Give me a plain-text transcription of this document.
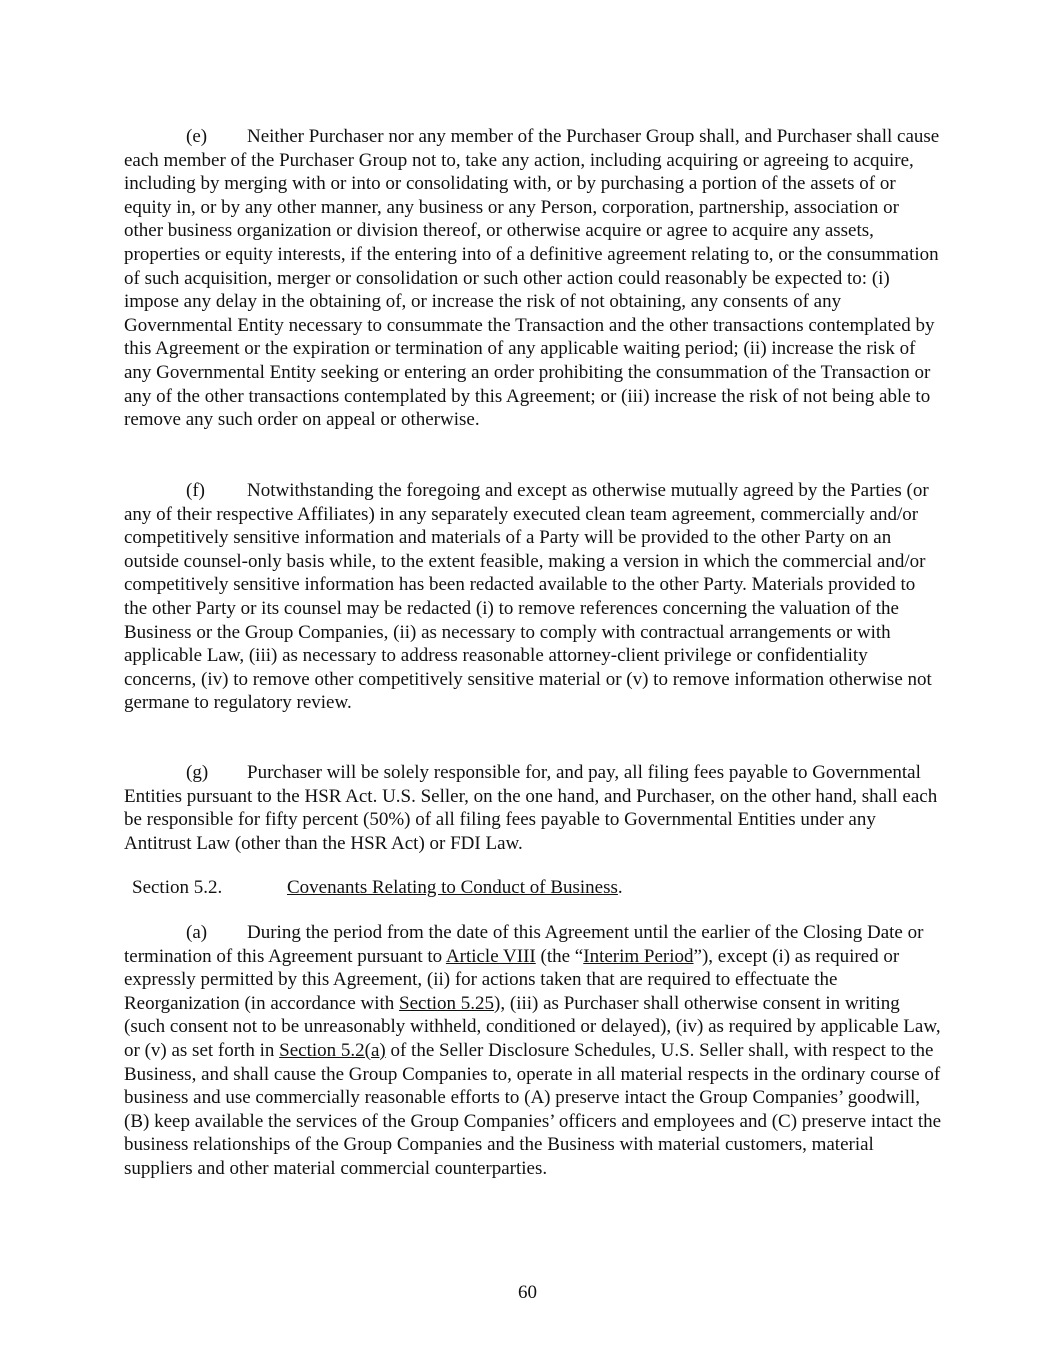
(e) Neither Purchaser nor any member of the Purchaser Group shall, and Purchaser shall cause each member of the Purchaser Group not to, take any action, including acquiring or agreeing to acquire, including by merging with or into or consolidating with, or by purchasing a portion of the assets of or equity in, or by any other manner, any business or any Person, corporation, partnership, association or other business organization or division thereof, or otherwise acquire or agree to acquire any assets, properties or equity interests, if the entering into of a definitive agreement relating to, or the consummation of such acquisition, merger or consolidation or such other action could reasonably be expected to: (i) impose any delay in the obtaining of, or increase the risk of not obtaining, any consents of any Governmental Entity necessary to consummate the Transaction and the other transactions contemplated by this Agreement or the expiration or termination of any applicable waiting period; (ii) increase the risk of any Governmental Entity seeking or entering an order prohibiting the consummation of the Transaction or any of the other transactions contemplated by this Agreement; or (iii) increase the risk of not being able to remove any such order on appeal or otherwise.

(f) Notwithstanding the foregoing and except as otherwise mutually agreed by the Parties (or any of their respective Affiliates) in any separately executed clean team agreement, commercially and/or competitively sensitive information and materials of a Party will be provided to the other Party on an outside counsel-only basis while, to the extent feasible, making a version in which the commercial and/or competitively sensitive information has been redacted available to the other Party. Materials provided to the other Party or its counsel may be redacted (i) to remove references concerning the valuation of the Business or the Group Companies, (ii) as necessary to comply with contractual arrangements or with applicable Law, (iii) as necessary to address reasonable attorney-client privilege or confidentiality concerns, (iv) to remove other competitively sensitive material or (v) to remove information otherwise not germane to regulatory review.

(g) Purchaser will be solely responsible for, and pay, all filing fees payable to Governmental Entities pursuant to the HSR Act. U.S. Seller, on the one hand, and Purchaser, on the other hand, shall each be responsible for fifty percent (50%) of all filing fees payable to Governmental Entities under any Antitrust Law (other than the HSR Act) or FDI Law.

Section 5.2.	Covenants Relating to Conduct of Business.

(a) During the period from the date of this Agreement until the earlier of the Closing Date or termination of this Agreement pursuant to Article VIII (the “Interim Period”), except (i) as required or expressly permitted by this Agreement, (ii) for actions taken that are required to effectuate the Reorganization (in accordance with Section 5.25), (iii) as Purchaser shall otherwise consent in writing (such consent not to be unreasonably withheld, conditioned or delayed), (iv) as required by applicable Law, or (v) as set forth in Section 5.2(a) of the Seller Disclosure Schedules, U.S. Seller shall, with respect to the Business, and shall cause the Group Companies to, operate in all material respects in the ordinary course of business and use commercially reasonable efforts to (A) preserve intact the Group Companies’ goodwill, (B) keep available the services of the Group Companies’ officers and employees and (C) preserve intact the business relationships of the Group Companies and the Business with material customers, material suppliers and other material commercial counterparties.

60
